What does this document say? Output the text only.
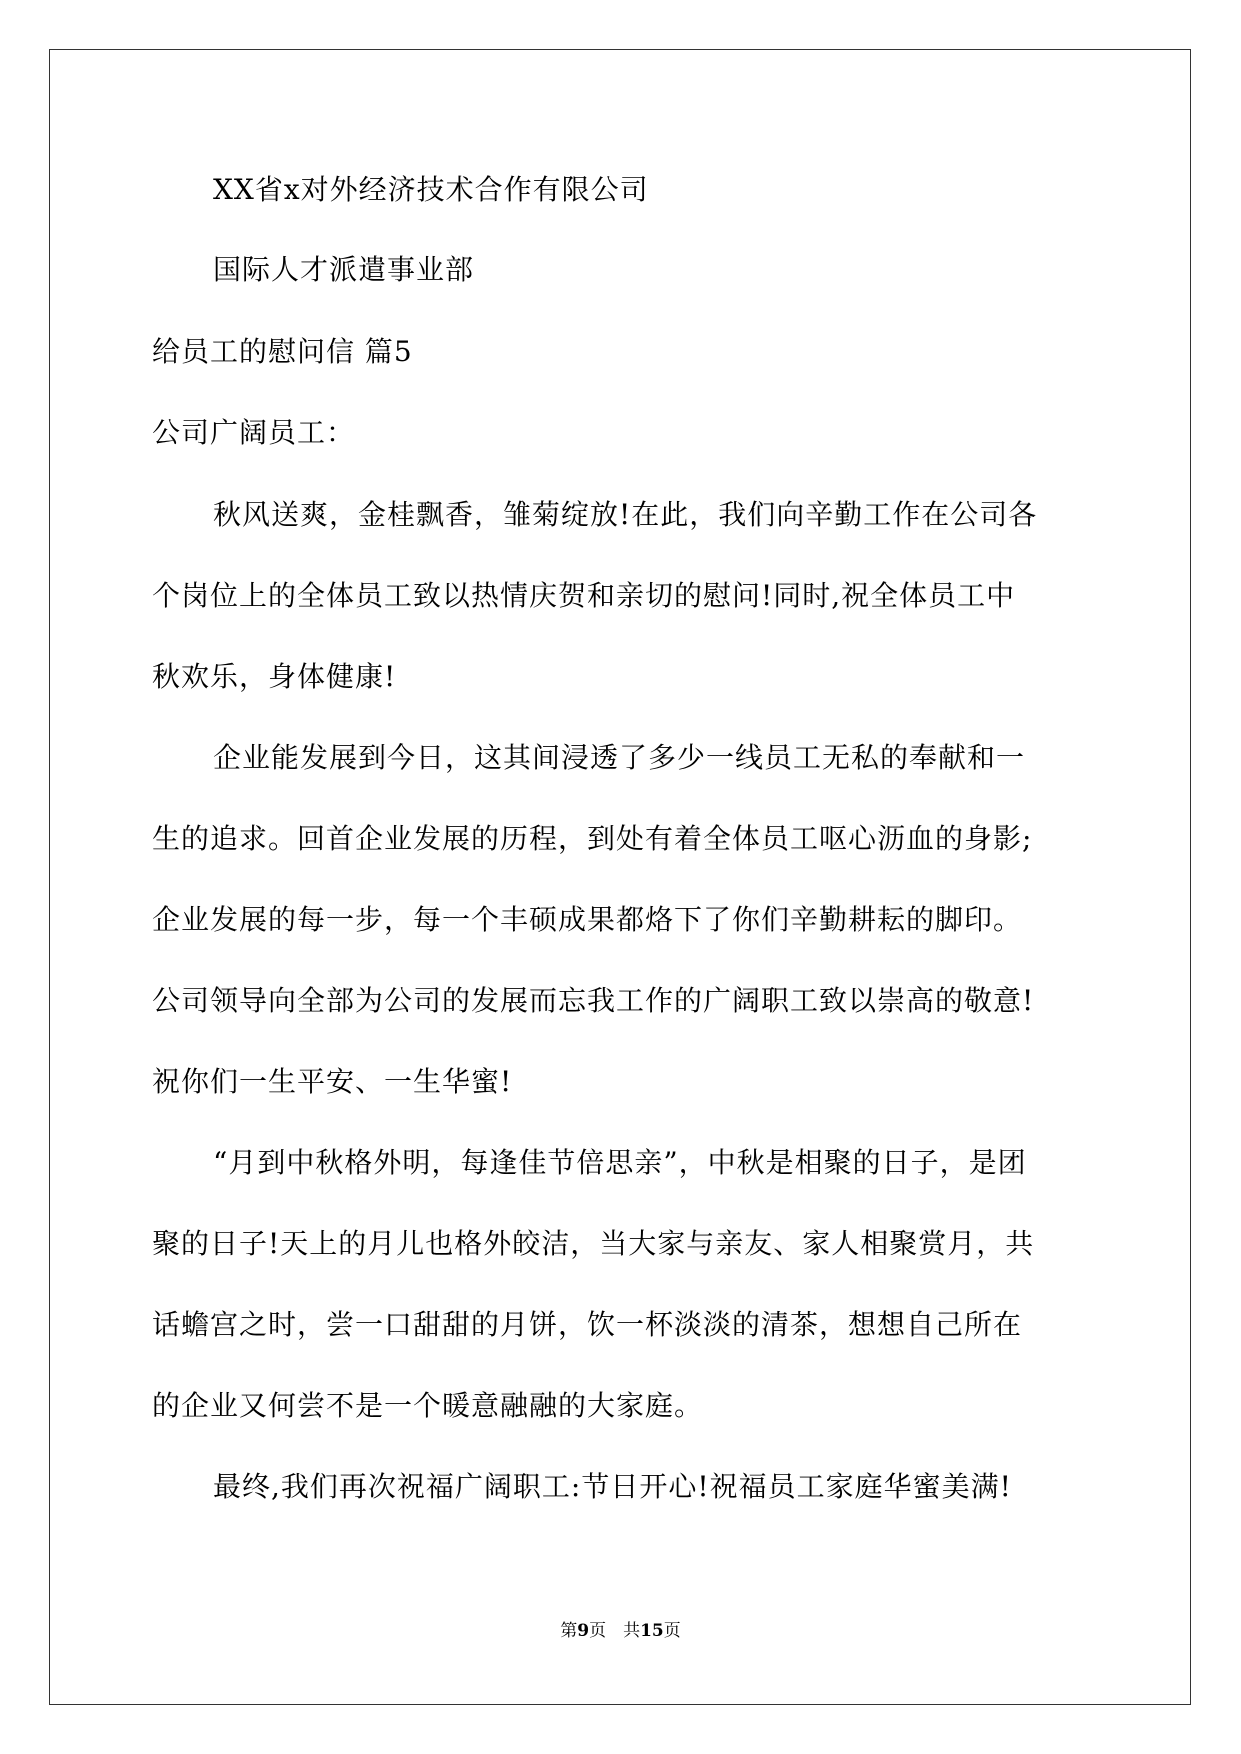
XX省x对外经济技术合作有限公司
国际人才派遣事业部
给员工的慰问信 篇5
公司广阔员工：
秋风送爽，金桂飘香，雏菊绽放!在此，我们向辛勤工作在公司各
个岗位上的全体员工致以热情庆贺和亲切的慰问!同时,祝全体员工中
秋欢乐，身体健康!
企业能发展到今日，这其间浸透了多少一线员工无私的奉献和一
生的追求。回首企业发展的历程，到处有着全体员工呕心沥血的身影;
企业发展的每一步，每一个丰硕成果都烙下了你们辛勤耕耘的脚印。
公司领导向全部为公司的发展而忘我工作的广阔职工致以崇高的敬意!
祝你们一生平安、一生华蜜!
“月到中秋格外明，每逢佳节倍思亲”，中秋是相聚的日子，是团
聚的日子!天上的月儿也格外皎洁，当大家与亲友、家人相聚赏月，共
话蟾宫之时，尝一口甜甜的月饼，饮一杯淡淡的清茶，想想自己所在
的企业又何尝不是一个暖意融融的大家庭。
最终,我们再次祝福广阔职工:节日开心!祝福员工家庭华蜜美满!
第9页　共15页
